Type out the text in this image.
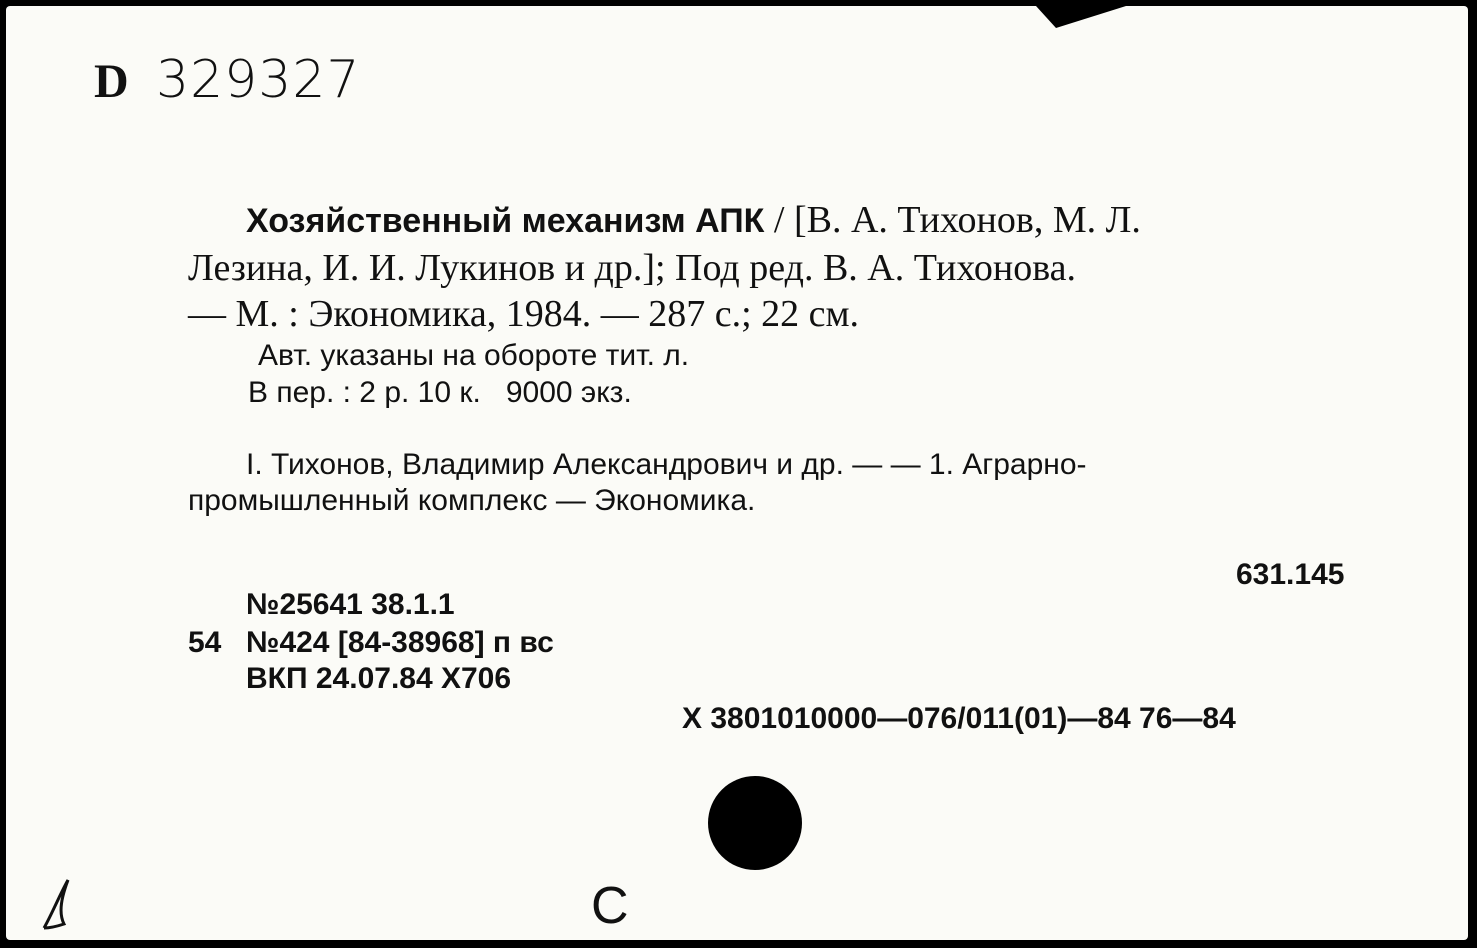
D 329327
Хозяйственный механизм АПК / [В. А. Тихонов, М. Л.
Лезина, И. И. Лукинов и др.]; Под ред. В. А. Тихонова.
— М. : Экономика, 1984. — 287 с.; 22 см.
Авт. указаны на обороте тит. л.
В пер. : 2 р. 10 к.   9000 экз.
I. Тихонов, Владимир Александрович и др. — — 1. Аграрно-
промышленный комплекс — Экономика.
631.145
№25641 38.1.1
54 №424 [84-38968] п вс
ВКП 24.07.84 Х706
Х 3801010000—076/011(01)—84 76—84
С
